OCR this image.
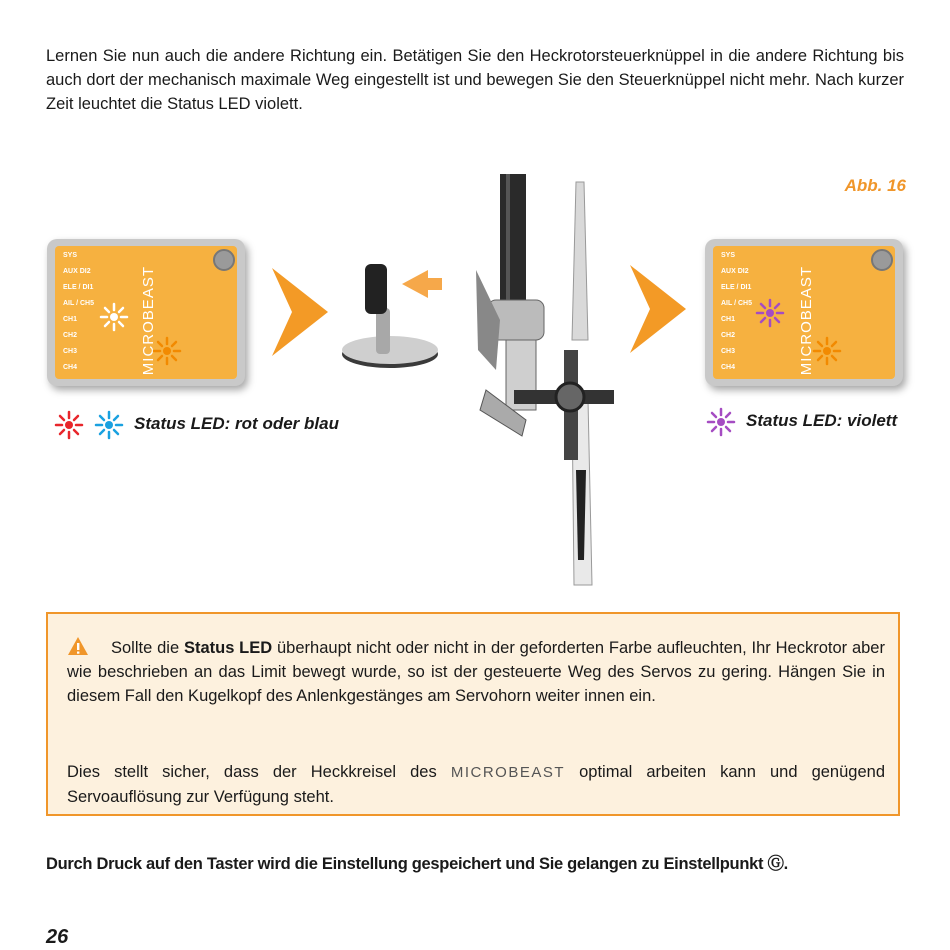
Lernen Sie nun auch die andere Richtung ein. Betätigen Sie den Heckrotorsteuerknüppel in die andere Richtung bis auch dort der mechanisch maximale Weg eingestellt ist und bewegen Sie den Steuerknüppel nicht mehr. Nach kurzer Zeit leuchtet die Status LED violett.

Abb. 16
SYS
AUX DI2
ELE / DI1
AIL / CH5
CH1
CH2
CH3
CH4	MICROBEAST
SYS
AUX DI2
ELE / DI1
AIL / CH5
CH1
CH2
CH3
CH4	MICROBEAST
Status LED: rot oder blau	Status LED: violett

Sollte die Status LED überhaupt nicht oder nicht in der geforderten Farbe aufleuchten, Ihr Heckrotor aber wie beschrieben an das Limit bewegt wurde, so ist der gesteuerte Weg des Servos zu gering. Hängen Sie in diesem Fall den Kugelkopf des Anlenkgestänges am Servohorn weiter innen ein.

Dies stellt sicher, dass der Heckkreisel des MICROBEAST optimal arbeiten kann und genügend Servoauflösung zur Verfügung steht.

Durch Druck auf den Taster wird die Einstellung gespeichert und Sie gelangen zu Einstellpunkt Ⓖ.
26
